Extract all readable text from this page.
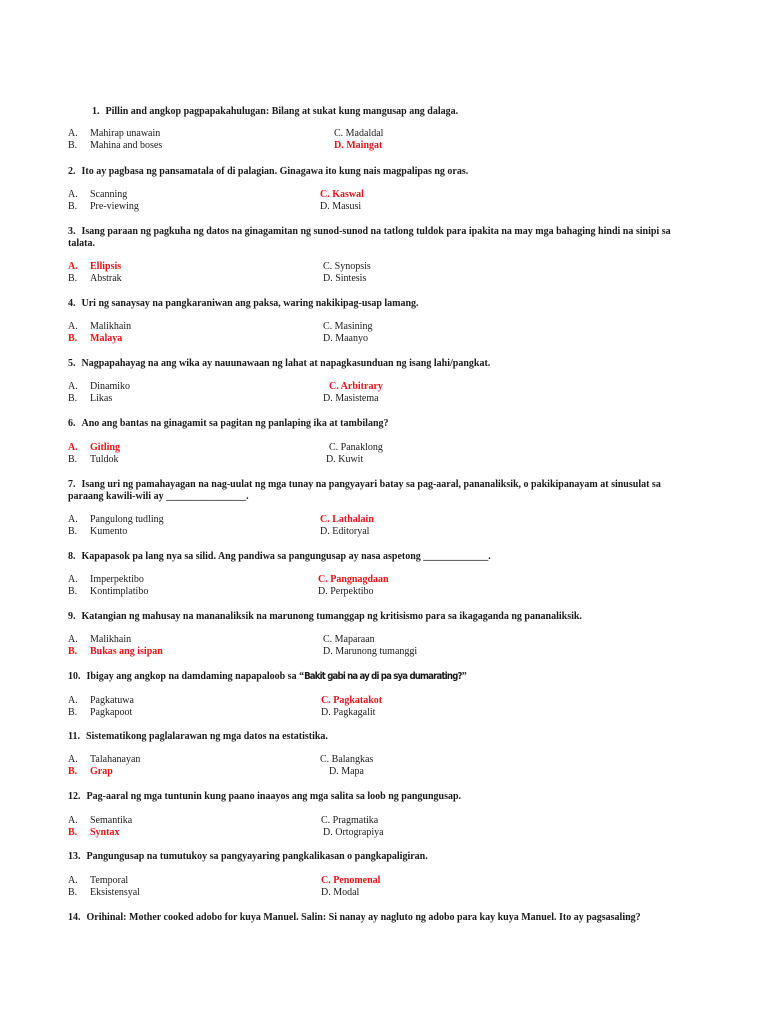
1. Pillin and angkop pagpapakahulugan: Bilang at sukat kung mangusap ang dalaga.
A. Mahirap unawain
B. Mahina and boses
C. Madaldal
D. Maingat
2. Ito ay pagbasa ng pansamatala of di palagian. Ginagawa ito kung nais magpalipas ng oras.
A. Scanning
B. Pre-viewing
C. Kaswal
D. Masusi
3. Isang paraan ng pagkuha ng datos na ginagamitan ng sunod-sunod na tatlong tuldok para ipakita na may mga bahaging hindi na sinipi sa talata.
A. Ellipsis
B. Abstrak
C. Synopsis
D. Sintesis
4. Uri ng sanaysay na pangkaraniwan ang paksa, waring nakikipag-usap lamang.
A. Malikhain
B. Malaya
C. Masining
D. Maanyo
5. Nagpapahayag na ang wika ay nauunawaan ng lahat at napagkasunduan ng isang lahi/pangkat.
A. Dinamiko
B. Likas
C. Arbitrary
D. Masistema
6. Ano ang bantas na ginagamit sa pagitan ng panlaping ika at tambilang?
A. Gitling
B. Tuldok
C. Panaklong
D. Kuwit
7. Isang uri ng pamahayagan na nag-uulat ng mga tunay na pangyayari batay sa pag-aaral, pananaliksik, o pakikipanayam at sinusulat sa paraang kawili-wili ay ________________.
A. Pangulong tudling
B. Kumento
C. Lathalain
D. Editoryal
8. Kapapasok pa lang nya sa silid. Ang pandiwa sa pangungusap ay nasa aspetong _____________.
A. Imperpektibo
B. Kontimplatibo
C. Pangnagdaan
D. Perpektibo
9. Katangian ng mahusay na mananaliksik na marunong tumanggap ng kritisismo para sa ikagaganda ng pananaliksik.
A. Malikhain
B. Bukas ang isipan
C. Maparaan
D. Marunong tumanggi
10. Ibigay ang angkop na damdaming napapaloob sa “Bakit gabi na ay di pa sya dumarating?”
A. Pagkatuwa
B. Pagkapoot
C. Pagkatakot
D. Pagkagalit
11. Sistematikong paglalarawan ng mga datos na estatistika.
A. Talahanayan
B. Grap
C. Balangkas
D. Mapa
12. Pag-aaral ng mga tuntunin kung paano inaayos ang mga salita sa loob ng pangungusap.
A. Semantika
B. Syntax
C. Pragmatika
D. Ortograpiya
13. Pangungusap na tumutukoy sa pangyayaring pangkalikasan o pangkapaligiran.
A. Temporal
B. Eksistensyal
C. Penomenal
D. Modal
14. Orihinal: Mother cooked adobo for kuya Manuel. Salin: Si nanay ay nagluto ng adobo para kay kuya Manuel. Ito ay pagsasaling?
